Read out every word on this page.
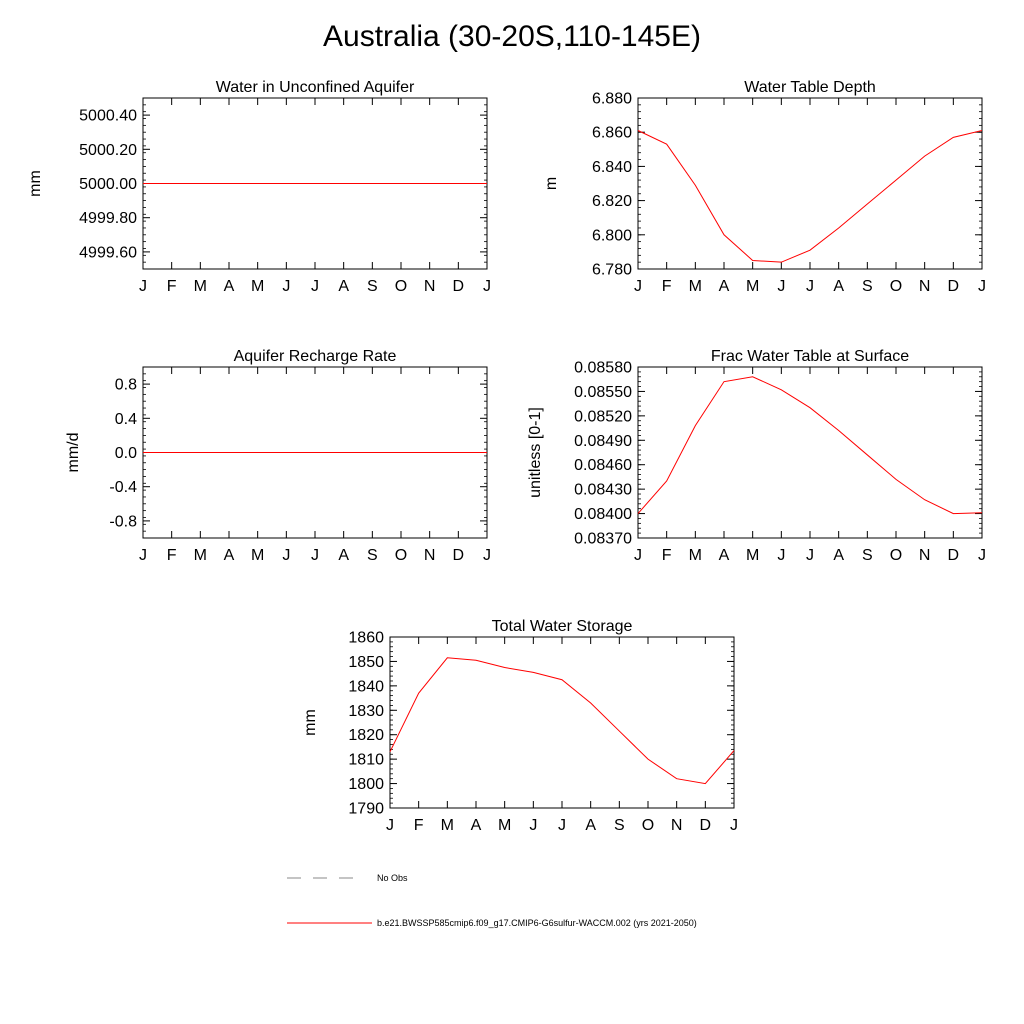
Australia (30-20S,110-145E)
Water in Unconfined Aquifer
mm
4999.60
4999.80
5000.00
5000.20
5000.40
J F M A M J J A S O N D J
Water Table Depth
m
6.780
6.800
6.820
6.840
6.860
6.880
J F M A M J J A S O N D J
Aquifer Recharge Rate
mm/d
-0.8
-0.4
0.0
0.4
0.8
J F M A M J J A S O N D J
Frac Water Table at Surface
unitless [0-1]
0.08370
0.08400
0.08430
0.08460
0.08490
0.08520
0.08550
0.08580
J F M A M J J A S O N D J
Total Water Storage
mm
1790
1800
1810
1820
1830
1840
1850
1860
J F M A M J J A S O N D J
No Obs
b.e21.BWSSP585cmip6.f09_g17.CMIP6-G6sulfur-WACCM.002 (yrs 2021-2050)
